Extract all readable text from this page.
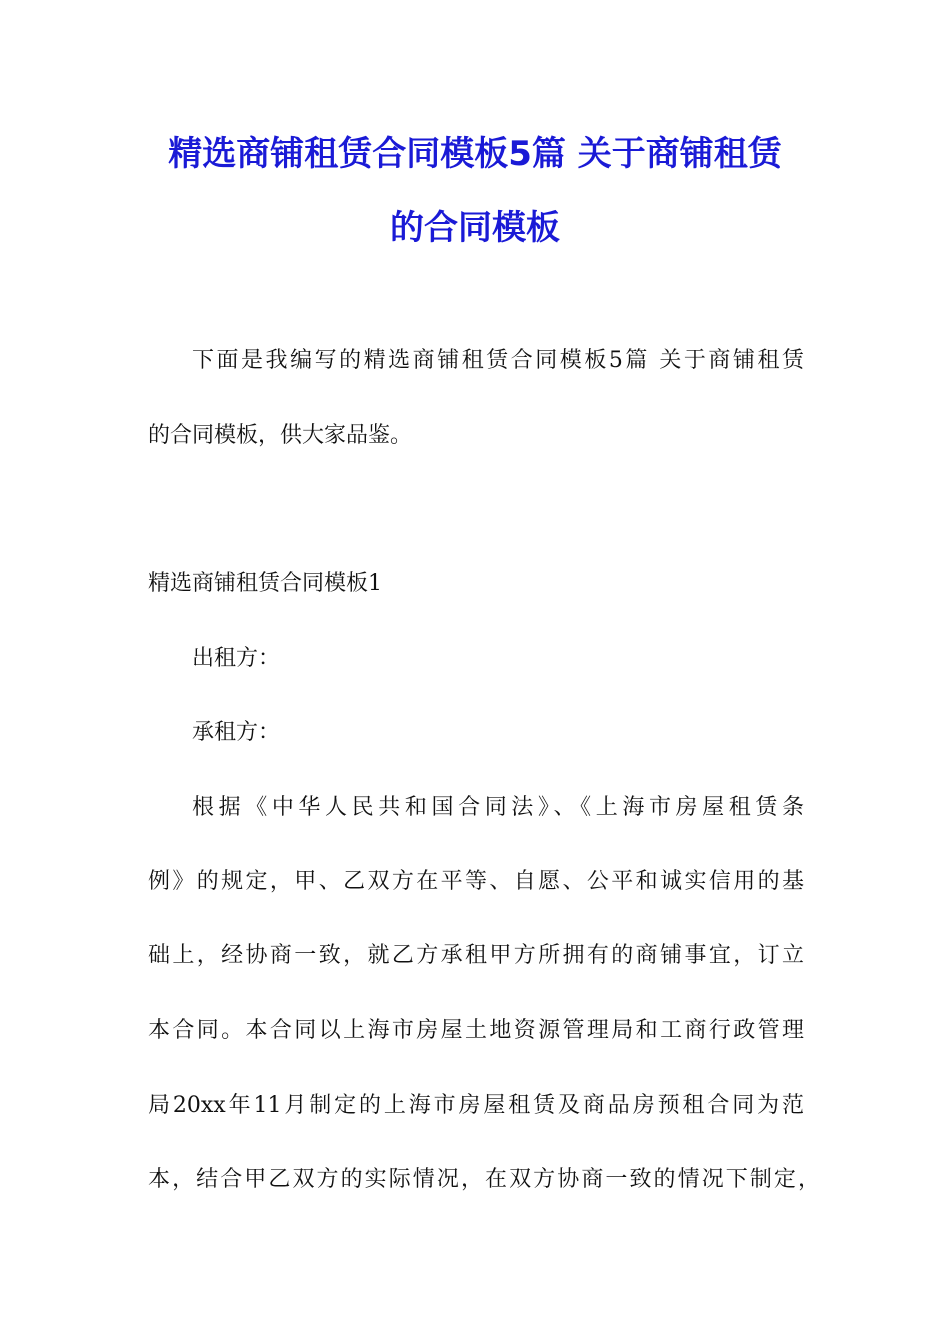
精选商铺租赁合同模板5篇 关于商铺租赁
的合同模板
下面是我编写的精选商铺租赁合同模板5篇 关于商铺租赁
的合同模板，供大家品鉴。
精选商铺租赁合同模板1
出租方：
承租方：
根据《中华人民共和国合同法》、《上海市房屋租赁条
例》的规定，甲、乙双方在平等、自愿、公平和诚实信用的基
础上，经协商一致，就乙方承租甲方所拥有的商铺事宜，订立
本合同。本合同以上海市房屋土地资源管理局和工商行政管理
局20xx年11月制定的上海市房屋租赁及商品房预租合同为范
本，结合甲乙双方的实际情况，在双方协商一致的情况下制定，
